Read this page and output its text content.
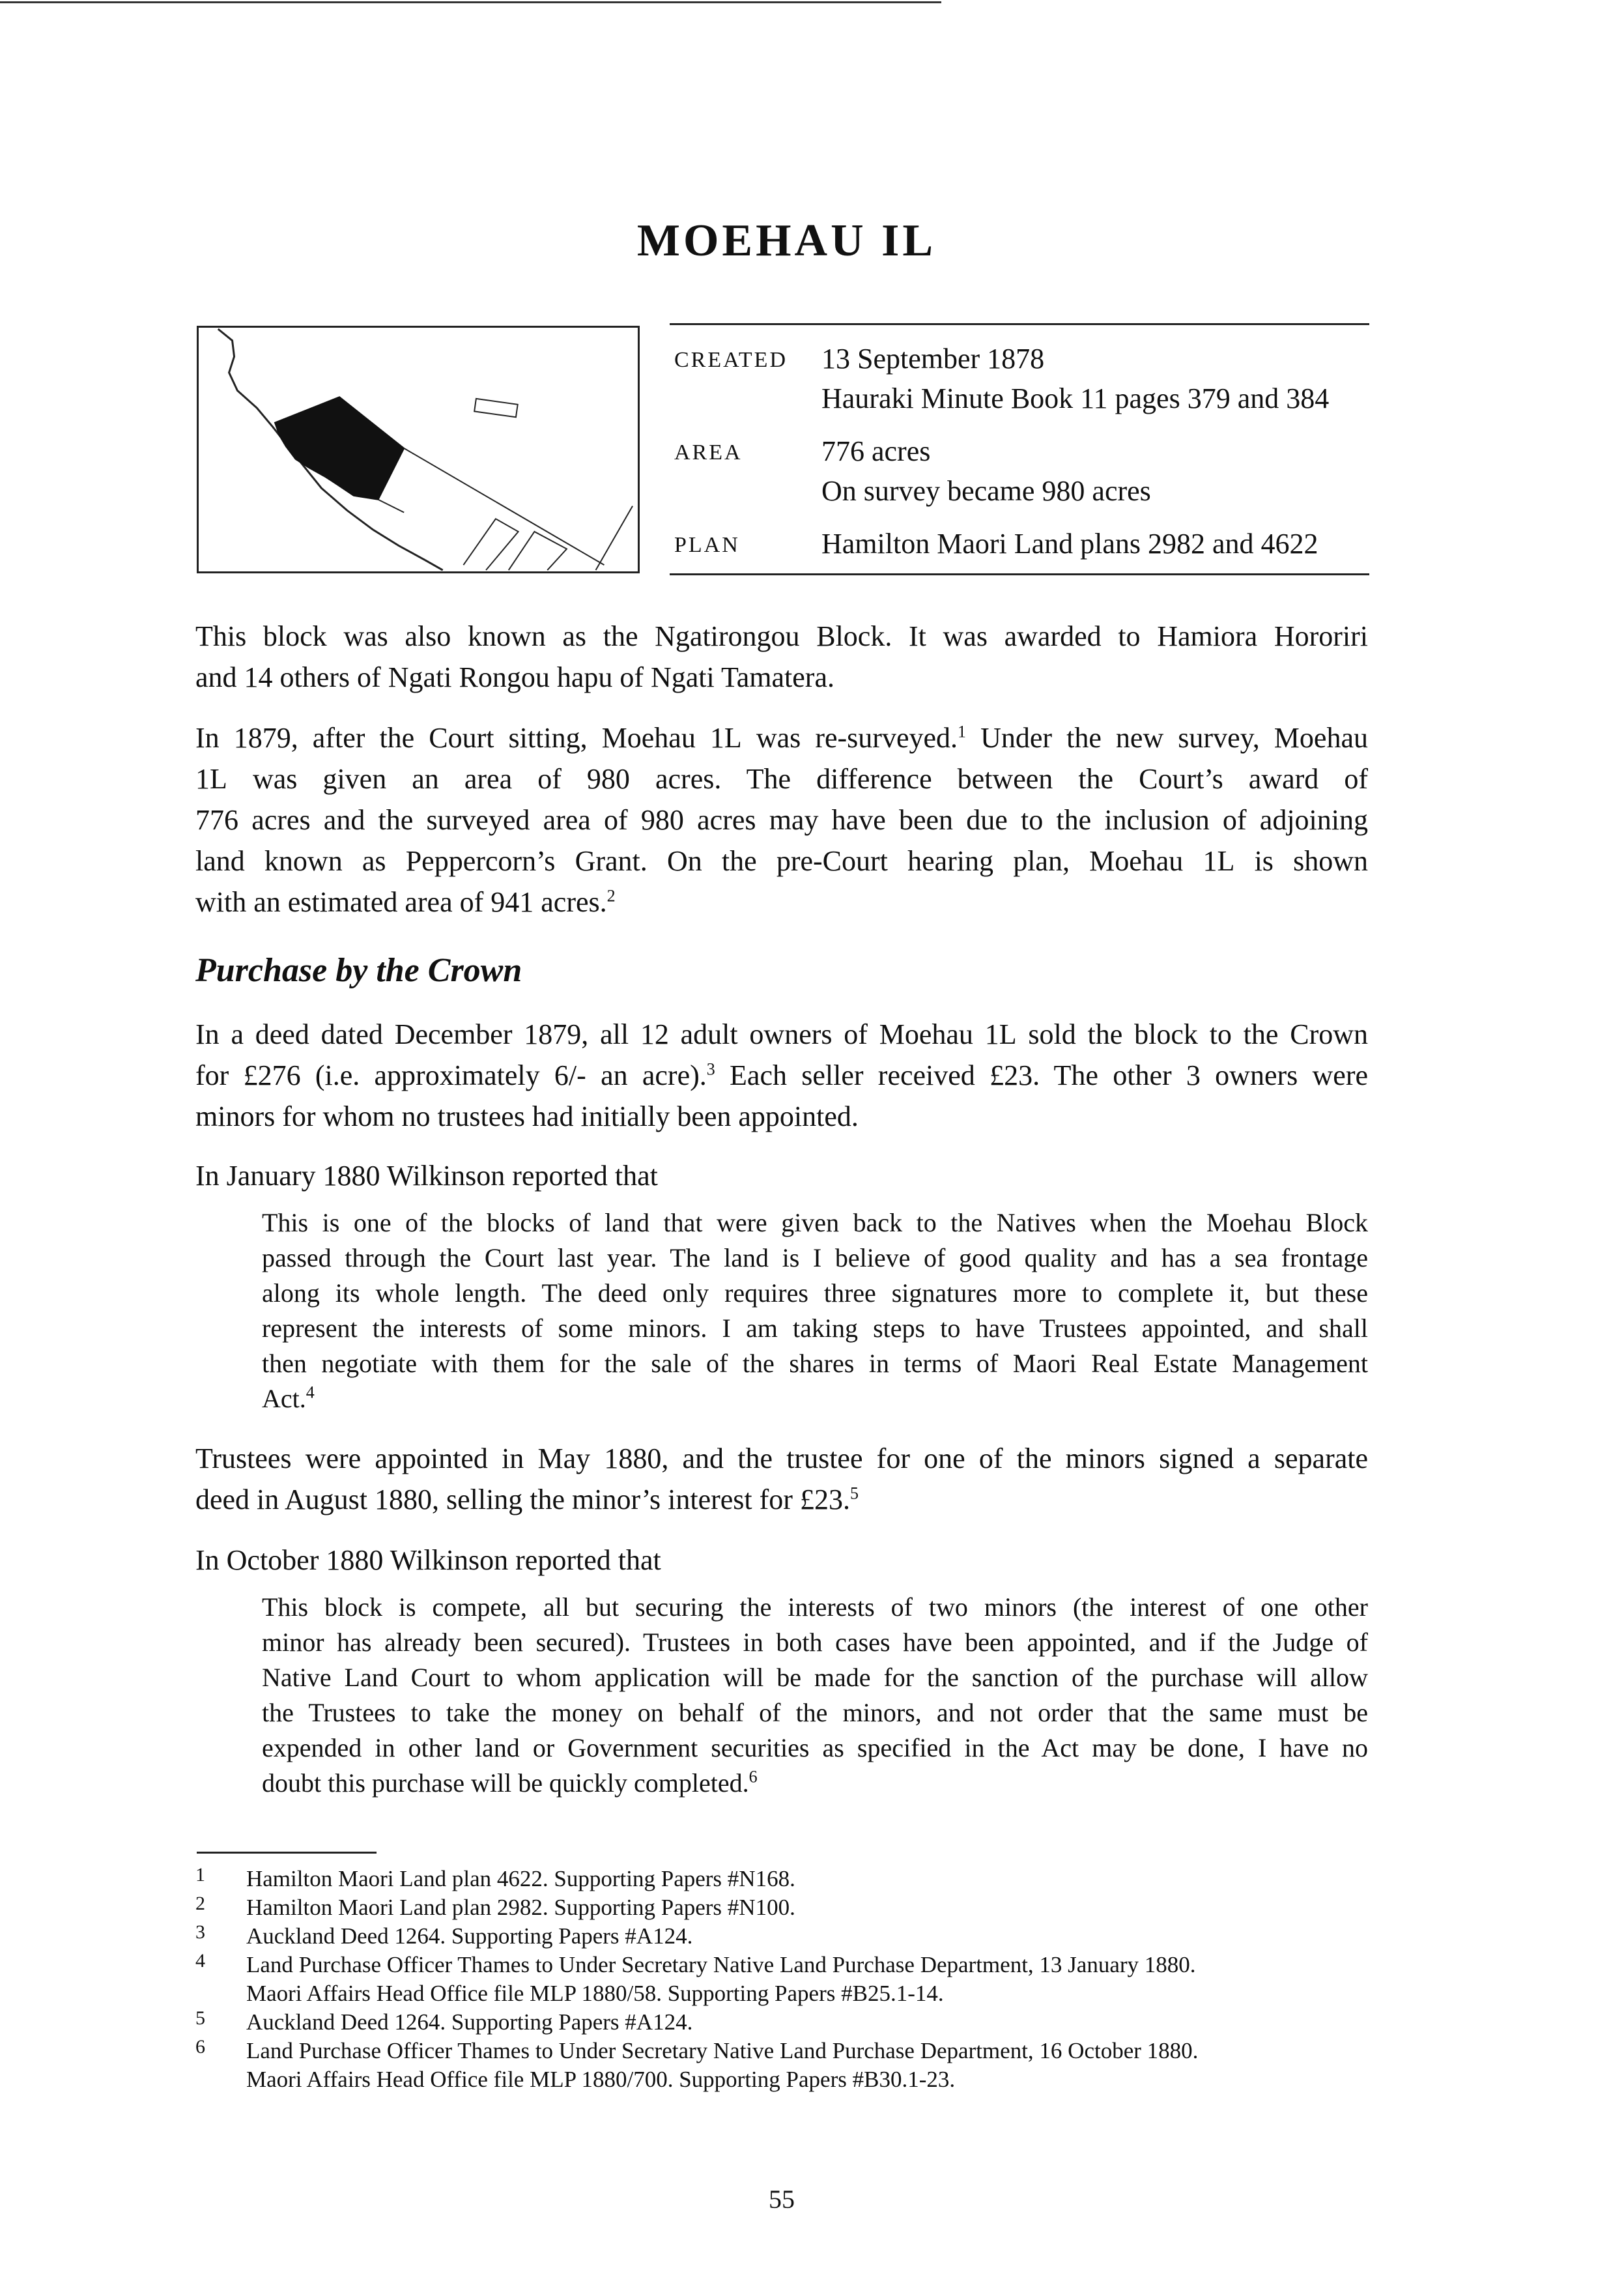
MOEHAU IL
CREATED 13 September 1878
Hauraki Minute Book 11 pages 379 and 384
AREA	776 acres
On survey became 980 acres
PLAN	Hamilton Maori Land plans 2982 and 4622
This block was also known as the Ngatirongou Block. It was awarded to Hamiora Hororiri
and 14 others of Ngati Rongou hapu of Ngati Tamatera.
In 1879, after the Court sitting, Moehau 1L was re-surveyed.$^1$ Under the new survey, Moehau
1L was given an area of 980 acres. The difference between the Court’s award of
776 acres and the surveyed area of 980 acres may have been due to the inclusion of adjoining
land known as Peppercorn’s Grant. On the pre-Court hearing plan, Moehau 1L is shown
with an estimated area of 941 acres.$^2$
Purchase by the Crown
In a deed dated December 1879, all 12 adult owners of Moehau 1L sold the block to the Crown
for £276 (i.e. approximately 6/- an acre).$^3$ Each seller received £23. The other 3 owners were
minors for whom no trustees had initially been appointed.
In January 1880 Wilkinson reported that
This is one of the blocks of land that were given back to the Natives when the Moehau Block
passed through the Court last year. The land is I believe of good quality and has a sea frontage
along its whole length. The deed only requires three signatures more to complete it, but these
represent the interests of some minors. I am taking steps to have Trustees appointed, and shall
then negotiate with them for the sale of the shares in terms of Maori Real Estate Management
Act.$^4$
Trustees were appointed in May 1880, and the trustee for one of the minors signed a separate
deed in August 1880, selling the minor’s interest for £23.$^5$
In October 1880 Wilkinson reported that
This block is compete, all but securing the interests of two minors (the interest of one other
minor has already been secured). Trustees in both cases have been appointed, and if the Judge of
Native Land Court to whom application will be made for the sanction of the purchase will allow
the Trustees to take the money on behalf of the minors, and not order that the same must be
expended in other land or Government securities as specified in the Act may be done, I have no
doubt this purchase will be quickly completed.$^6$
1 Hamilton Maori Land plan 4622. Supporting Papers #N168.
2 Hamilton Maori Land plan 2982. Supporting Papers #N100.
3 Auckland Deed 1264. Supporting Papers #A124.
4 Land Purchase Officer Thames to Under Secretary Native Land Purchase Department, 13 January 1880.
Maori Affairs Head Office file MLP 1880/58. Supporting Papers #B25.1-14.
5 Auckland Deed 1264. Supporting Papers #A124.
6 Land Purchase Officer Thames to Under Secretary Native Land Purchase Department, 16 October 1880.
Maori Affairs Head Office file MLP 1880/700. Supporting Papers #B30.1-23.
55
